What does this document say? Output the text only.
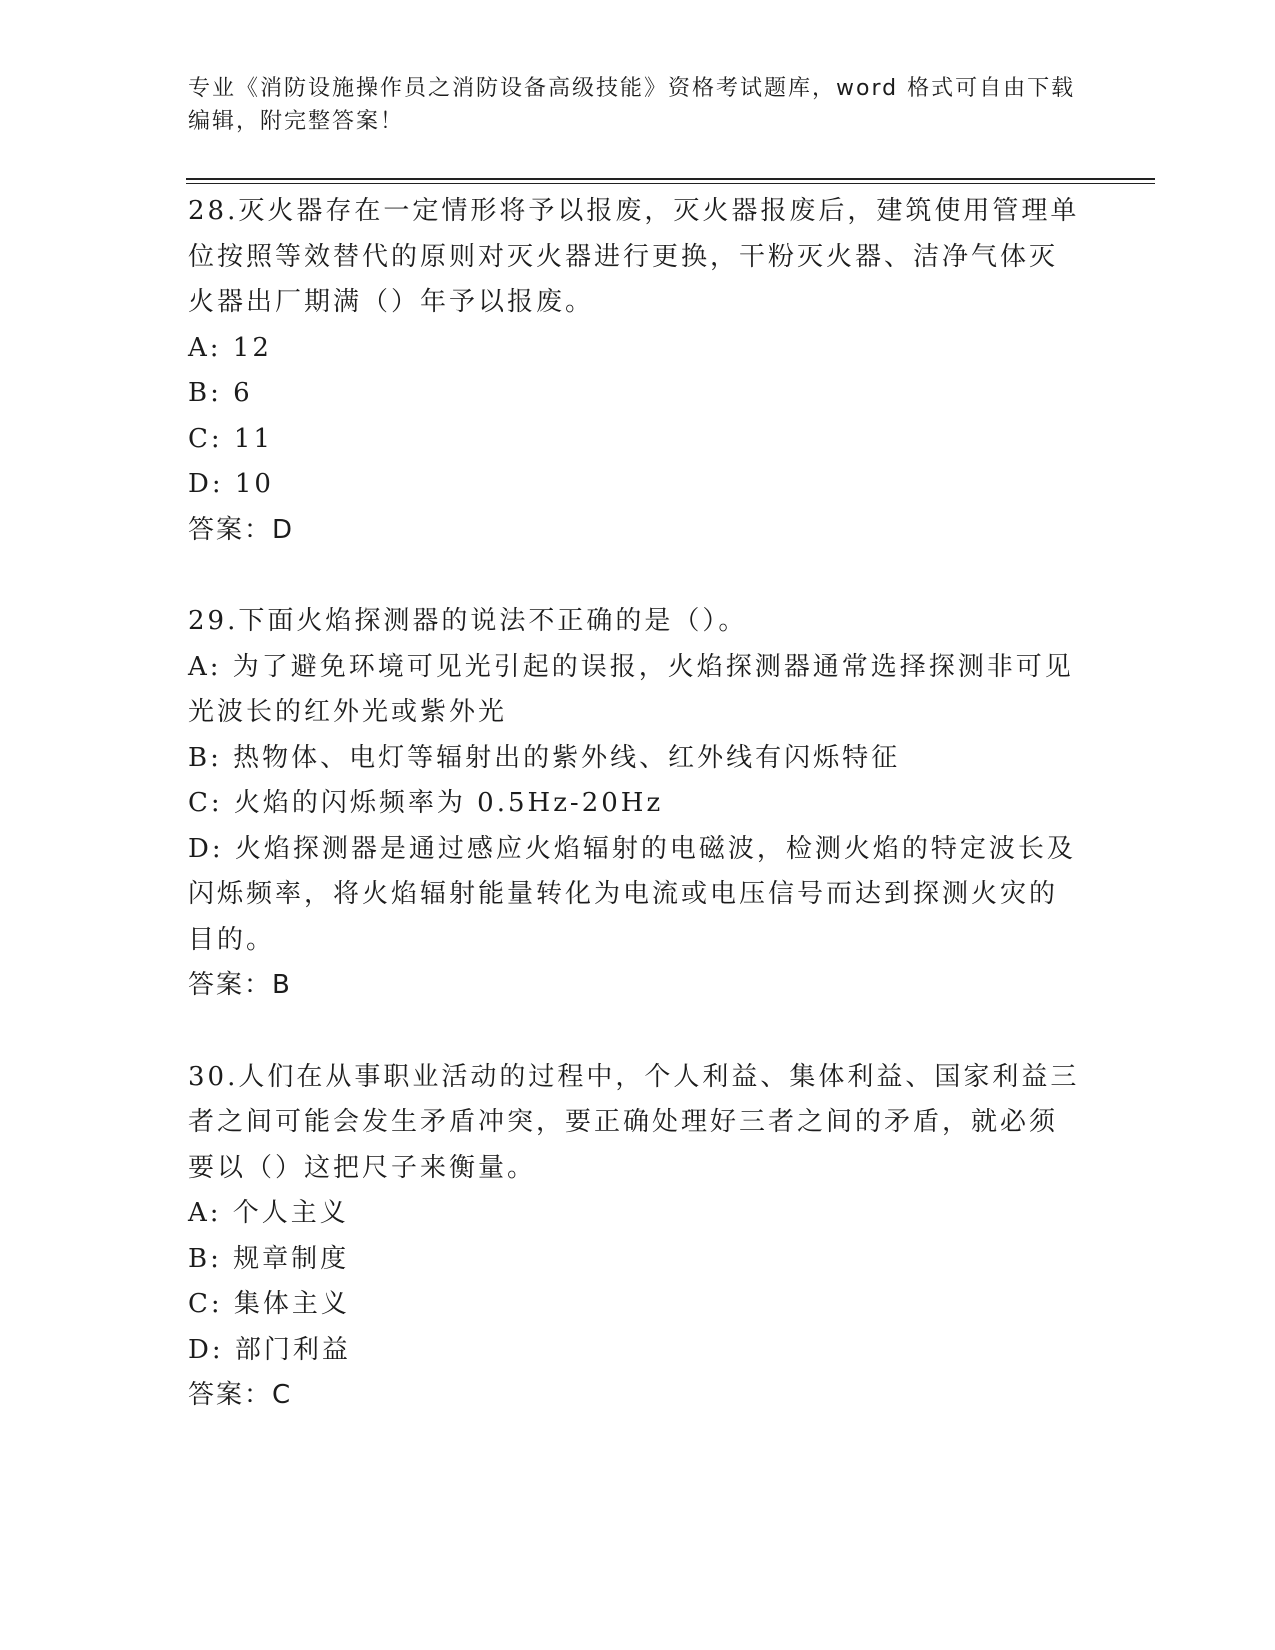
专业《消防设施操作员之消防设备高级技能》资格考试题库，word 格式可自由下载编辑，附完整答案！

28.灭火器存在一定情形将予以报废，灭火器报废后，建筑使用管理单位按照等效替代的原则对灭火器进行更换，干粉灭火器、洁净气体灭火器出厂期满（）年予以报废。

A: 12

B: 6

C: 11

D: 10

答案：D

29.下面火焰探测器的说法不正确的是（）。

A: 为了避免环境可见光引起的误报，火焰探测器通常选择探测非可见光波长的红外光或紫外光

B: 热物体、电灯等辐射出的紫外线、红外线有闪烁特征

C: 火焰的闪烁频率为 0.5Hz-20Hz

D: 火焰探测器是通过感应火焰辐射的电磁波，检测火焰的特定波长及闪烁频率，将火焰辐射能量转化为电流或电压信号而达到探测火灾的目的。

答案：B

30.人们在从事职业活动的过程中，个人利益、集体利益、国家利益三者之间可能会发生矛盾冲突，要正确处理好三者之间的矛盾，就必须要以（）这把尺子来衡量。

A: 个人主义

B: 规章制度

C: 集体主义

D: 部门利益

答案：C
